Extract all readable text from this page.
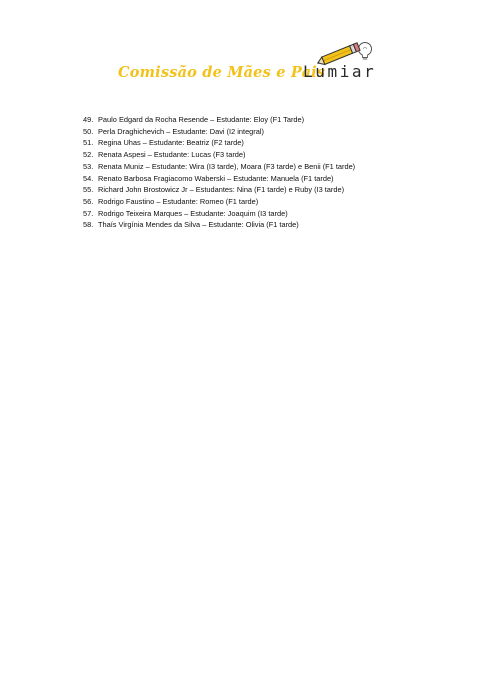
Comissão de Mães e Pais
Lumiar
49. Paulo Edgard da Rocha Resende – Estudante: Eloy (F1 Tarde)
50. Perla Draghichevich – Estudante: Davi (I2 integral)
51. Regina Uhas – Estudante: Beatriz (F2 tarde)
52. Renata Aspesi – Estudante: Lucas (F3 tarde)
53. Renata Muniz – Estudante: Wira (I3 tarde), Moara (F3 tarde) e Benii (F1 tarde)
54. Renato Barbosa Fragiacomo Waberski – Estudante: Manuela (F1 tarde)
55. Richard John Brostowicz Jr – Estudantes: Nina (F1 tarde) e Ruby (I3 tarde)
56. Rodrigo Faustino – Estudante: Romeo (F1 tarde)
57. Rodrigo Teixeira Marques – Estudante: Joaquim (I3 tarde)
58. Thaís Virgínia Mendes da Silva – Estudante: Olivia (F1 tarde)
